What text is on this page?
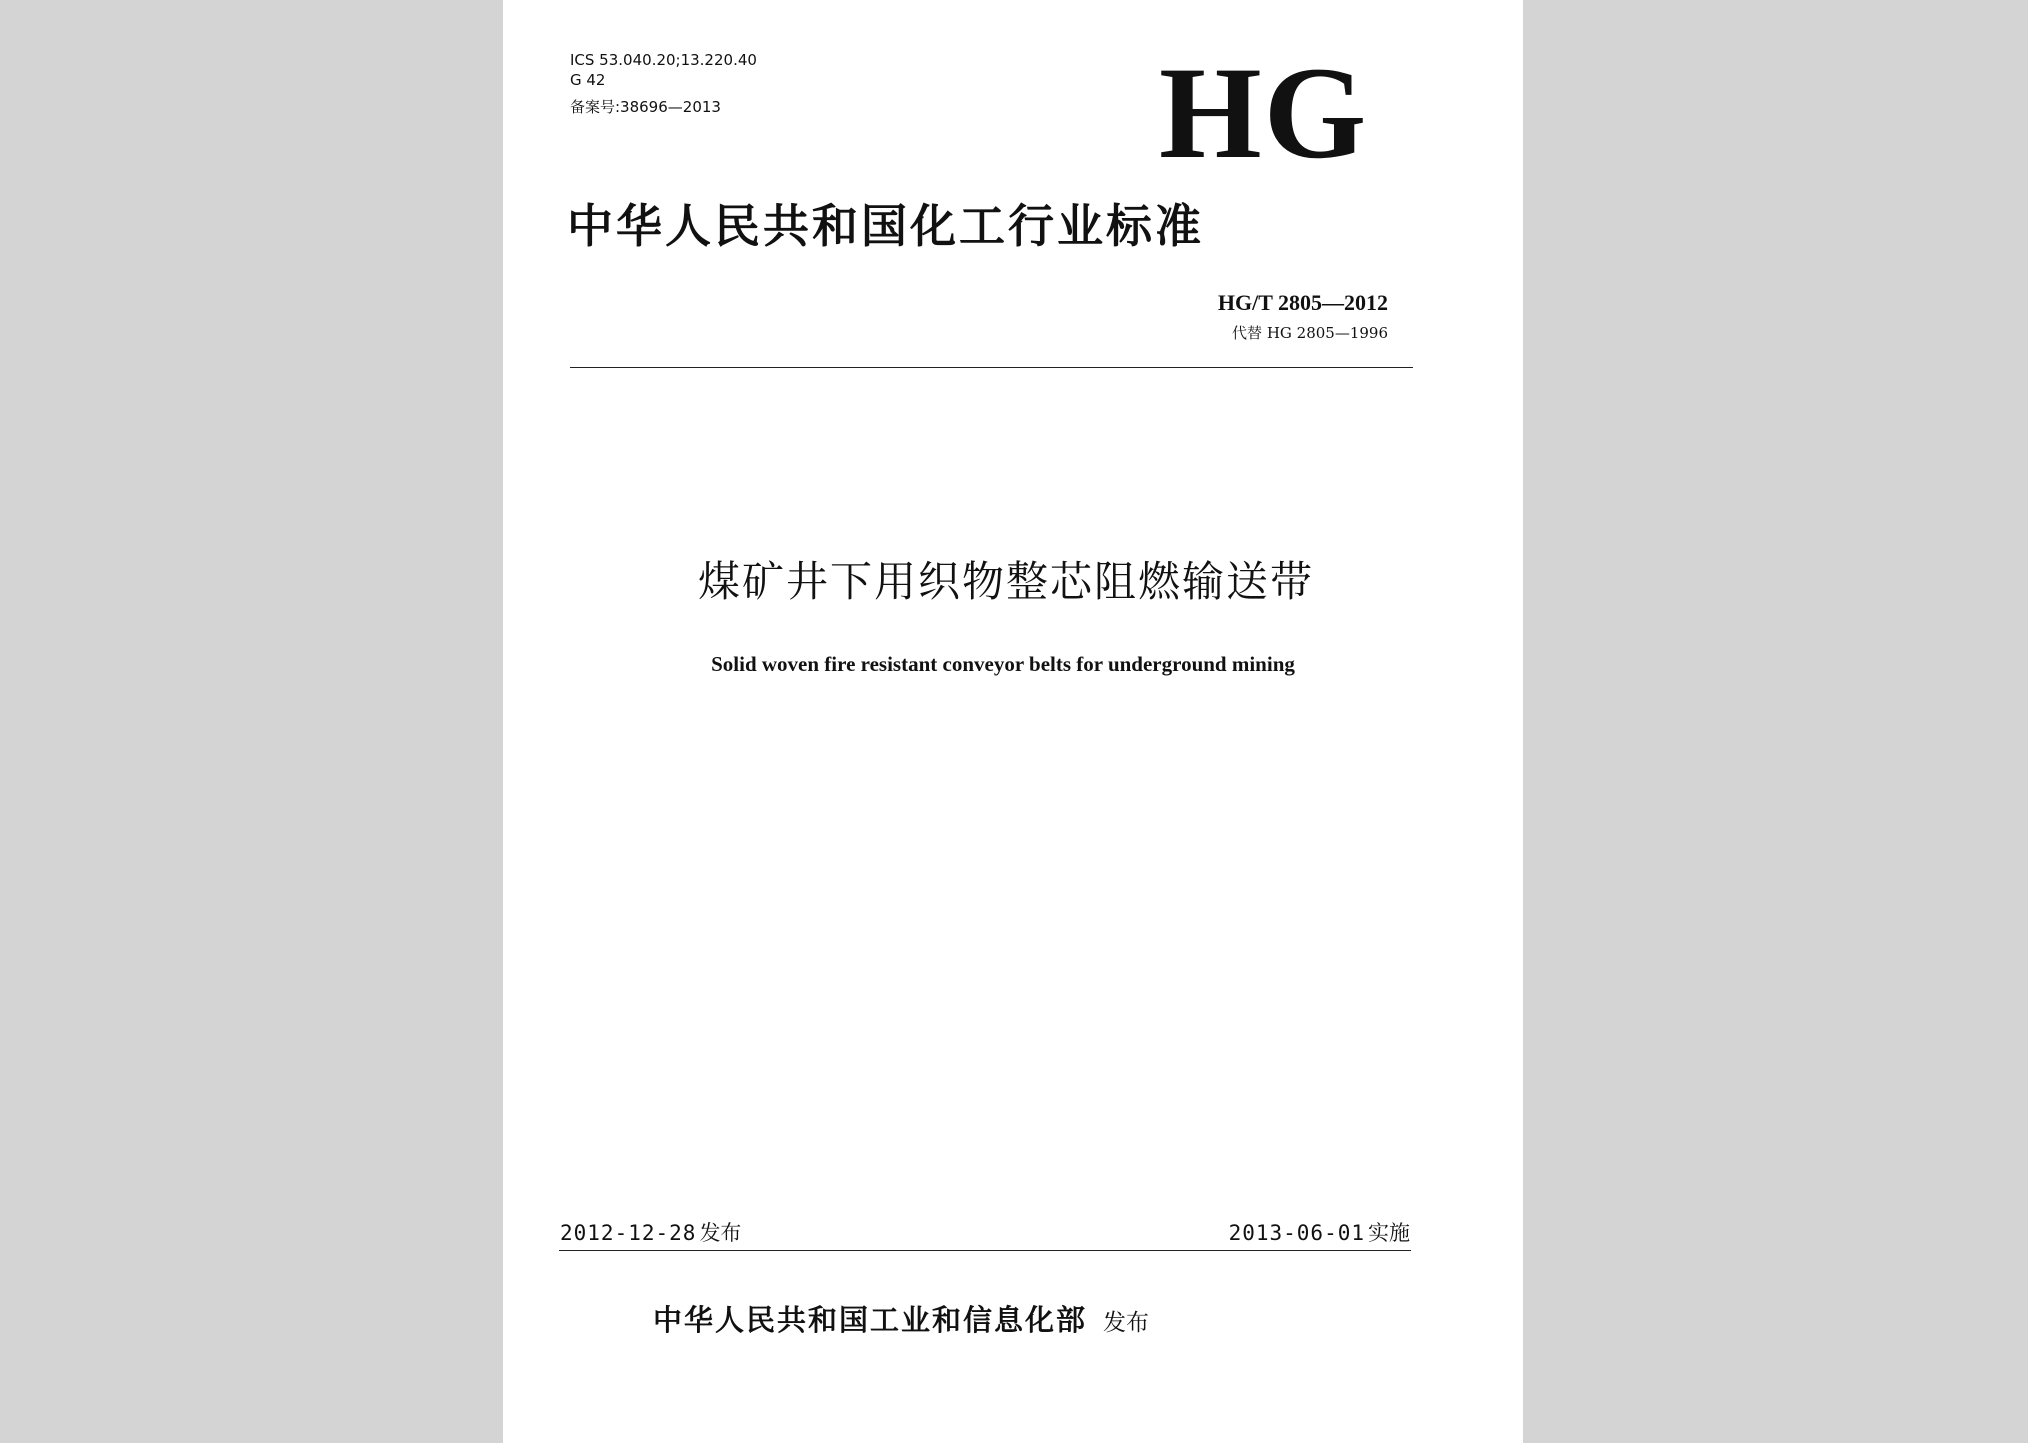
ICS 53.040.20;13.220.40
G 42
备案号:38696—2013	HG
中华人民共和国化工行业标准
HG/T 2805—2012
代替 HG 2805—1996
煤矿井下用织物整芯阻燃输送带
Solid woven fire resistant conveyor belts for underground mining
2012-12-28 发布	2013-06-01 实施
中华人民共和国工业和信息化部 发布
